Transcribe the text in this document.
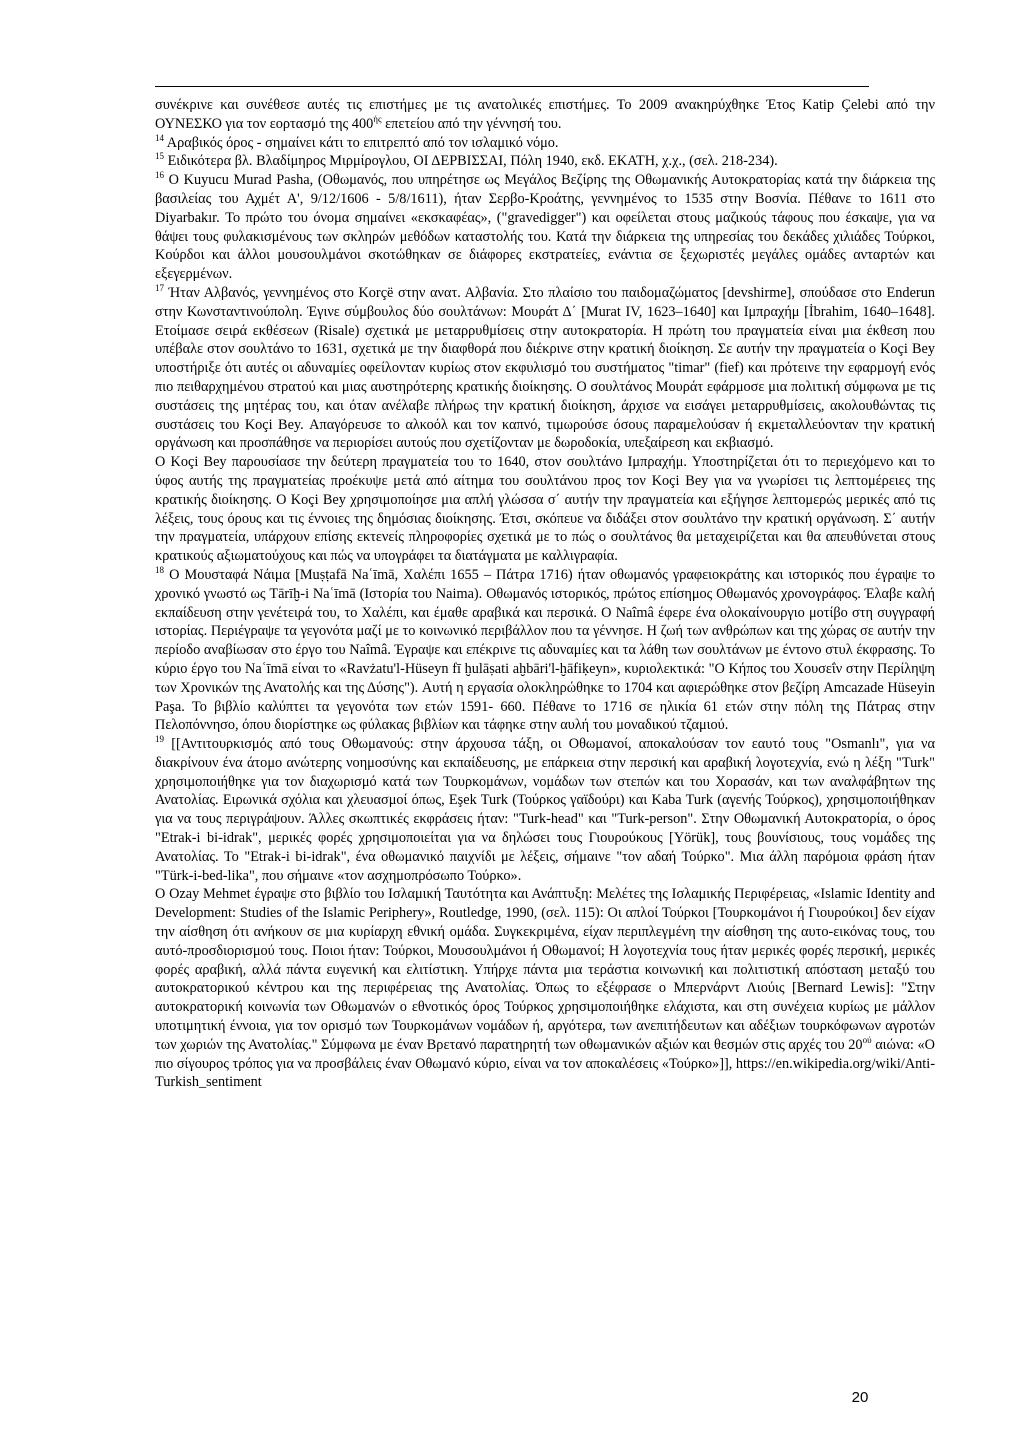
συνέκρινε και συνέθεσε αυτές τις επιστήμες με τις ανατολικές επιστήμες. Το 2009 ανακηρύχθηκε Έτος Katip Çelebi από την ΟΥΝΕΣΚΟ για τον εορτασμό της $400^{ή\varsigma}$ επετείου από την γέννησή του.

$^{14}$ Αραβικός όρος - σημαίνει κάτι το επιτρεπτό από τον ισλαμικό νόμο.

$^{15}$ Ειδικότερα βλ. Βλαδίμηρος Μιρμίρογλου, ΟΙ ΔΕΡΒΙΣΣΑΙ, Πόλη 1940, εκδ. ΕΚΑΤΗ, χ.χ., (σελ. 218-234).

$^{16}$ Ο Kuyucu Murad Pasha, (Οθωμανός, που υπηρέτησε ως Μεγάλος Βεζίρης της Οθωμανικής Αυτοκρατορίας κατά την διάρκεια της βασιλείας του Αχμέτ Α', 9/12/1606 - 5/8/1611), ήταν Σερβο-Κροάτης, γεννημένος το 1535 στην Βοσνία. Πέθανε το 1611 στο Diyarbakır. Το πρώτο του όνομα σημαίνει «εκσκαφέας», ("gravedigger") και οφείλεται στους μαζικούς τάφους που έσκαψε, για να θάψει τους φυλακισμένους των σκληρών μεθόδων καταστολής του. Κατά την διάρκεια της υπηρεσίας του δεκάδες χιλιάδες Τούρκοι, Κούρδοι και άλλοι μουσουλμάνοι σκοτώθηκαν σε διάφορες εκστρατείες, ενάντια σε ξεχωριστές μεγάλες ομάδες ανταρτών και εξεγερμένων.

$^{17}$ Ήταν Αλβανός, γεννημένος στο Korçë στην ανατ. Αλβανία. Στο πλαίσιο του παιδομαζώματος [devshirme], σπούδασε στο Enderun στην Κωνσταντινούπολη. Έγινε σύμβουλος δύο σουλτάνων: Μουράτ Δ΄ [Murat IV, 1623–1640] και Ιμπραχήμ [İbrahim, 1640–1648]. Ετοίμασε σειρά εκθέσεων (Risale) σχετικά με μεταρρυθμίσεις στην αυτοκρατορία. Η πρώτη του πραγματεία είναι μια έκθεση που υπέβαλε στον σουλτάνο το 1631, σχετικά με την διαφθορά που διέκρινε στην κρατική διοίκηση. Σε αυτήν την πραγματεία ο Koçi Bey υποστήριξε ότι αυτές οι αδυναμίες οφείλονταν κυρίως στον εκφυλισμό του συστήματος "timar" (fief) και πρότεινε την εφαρμογή ενός πιο πειθαρχημένου στρατού και μιας αυστηρότερης κρατικής διοίκησης. Ο σουλτάνος Μουράτ εφάρμοσε μια πολιτική σύμφωνα με τις συστάσεις της μητέρας του, και όταν ανέλαβε πλήρως την κρατική διοίκηση, άρχισε να εισάγει μεταρρυθμίσεις, ακολουθώντας τις συστάσεις του Koçi Bey. Απαγόρευσε το αλκοόλ και τον καπνό, τιμωρούσε όσους παραμελούσαν ή εκμεταλλεύονταν την κρατική οργάνωση και προσπάθησε να περιορίσει αυτούς που σχετίζονταν με δωροδοκία, υπεξαίρεση και εκβιασμό.

Ο Koçi Bey παρουσίασε την δεύτερη πραγματεία του το 1640, στον σουλτάνο Ιμπραχήμ. Υποστηρίζεται ότι το περιεχόμενο και το ύφος αυτής της πραγματείας προέκυψε μετά από αίτημα του σουλτάνου προς τον Koçi Bey για να γνωρίσει τις λεπτομέρειες της κρατικής διοίκησης. Ο Koçi Bey χρησιμοποίησε μια απλή γλώσσα σ΄ αυτήν την πραγματεία και εξήγησε λεπτομερώς μερικές από τις λέξεις, τους όρους και τις έννοιες της δημόσιας διοίκησης. Έτσι, σκόπευε να διδάξει στον σουλτάνο την κρατική οργάνωση. Σ΄ αυτήν την πραγματεία, υπάρχουν επίσης εκτενείς πληροφορίες σχετικά με το πώς ο σουλτάνος θα μεταχειρίζεται και θα απευθύνεται στους κρατικούς αξιωματούχους και πώς να υπογράφει τα διατάγματα με καλλιγραφία.

$^{18}$ Ο Μουσταφά Νάιμα [Muṣṭafā Naʿīmā, Χαλέπι 1655 – Πάτρα 1716) ήταν οθωμανός γραφειοκράτης και ιστορικός που έγραψε το χρονικό γνωστό ως Tārīḫ-i Naʿīmā (Ιστορία του Naima). Οθωμανός ιστορικός, πρώτος επίσημος Οθωμανός χρονογράφος. Έλαβε καλή εκπαίδευση στην γενέτειρά του, το Χαλέπι, και έμαθε αραβικά και περσικά. Ο Naîmâ έφερε ένα ολοκαίνουργιο μοτίβο στη συγγραφή ιστορίας. Περιέγραψε τα γεγονότα μαζί με το κοινωνικό περιβάλλον που τα γέννησε. Η ζωή των ανθρώπων και της χώρας σε αυτήν την περίοδο αναβίωσαν στο έργο του Naîmâ. Έγραψε και επέκρινε τις αδυναμίες και τα λάθη των σουλτάνων με έντονο στυλ έκφρασης. Το κύριο έργο του Naʿīmā είναι το «Ravżatu'l-Hüseyn fī ḫulāṣati aḫbāri'l-ḫāfiḳeyn», κυριολεκτικά: "Ο Κήπος του Χουσεΐν στην Περίληψη των Χρονικών της Ανατολής και της Δύσης"). Αυτή η εργασία ολοκληρώθηκε το 1704 και αφιερώθηκε στον βεζίρη Amcazade Hüseyin Paşa. Το βιβλίο καλύπτει τα γεγονότα των ετών 1591- 660. Πέθανε το 1716 σε ηλικία 61 ετών στην πόλη της Πάτρας στην Πελοπόννησο, όπου διορίστηκε ως φύλακας βιβλίων και τάφηκε στην αυλή του μοναδικού τζαμιού.

$^{19}$ [[Αντιτουρκισμός από τους Οθωμανούς: στην άρχουσα τάξη, οι Οθωμανοί, αποκαλούσαν τον εαυτό τους "Osmanlı", για να διακρίνουν ένα άτομο ανώτερης νοημοσύνης και εκπαίδευσης, με επάρκεια στην περσική και αραβική λογοτεχνία, ενώ η λέξη "Turk" χρησιμοποιήθηκε για τον διαχωρισμό κατά των Τουρκομάνων, νομάδων των στεπών και του Χορασάν, και των αναλφάβητων της Ανατολίας. Ειρωνικά σχόλια και χλευασμοί όπως, Eşek Turk (Τούρκος γαϊδούρι) και Kaba Turk (αγενής Τούρκος), χρησιμοποιήθηκαν για να τους περιγράψουν. Άλλες σκωπτικές εκφράσεις ήταν: "Turk-head" και "Turk-person". Στην Οθωμανική Αυτοκρατορία, ο όρος "Etrak-i bi-idrak", μερικές φορές χρησιμοποιείται για να δηλώσει τους Γιουρούκους [Yörük], τους βουνίσιους, τους νομάδες της Ανατολίας. Το "Etrak-i bi-idrak", ένα οθωμανικό παιχνίδι με λέξεις, σήμαινε "τον αδαή Τούρκο". Μια άλλη παρόμοια φράση ήταν "Türk-i-bed-lika", που σήμαινε «τον ασχημοπρόσωπο Τούρκο».

Ο Ozay Mehmet έγραψε στο βιβλίο του Ισλαμική Ταυτότητα και Ανάπτυξη: Μελέτες της Ισλαμικής Περιφέρειας, «Islamic Identity and Development: Studies of the Islamic Periphery», Routledge, 1990, (σελ. 115): Οι απλοί Τούρκοι [Τουρκομάνοι ή Γιουρούκοι] δεν είχαν την αίσθηση ότι ανήκουν σε μια κυρίαρχη εθνική ομάδα. Συγκεκριμένα, είχαν περιπλεγμένη την αίσθηση της αυτο-εικόνας τους, του αυτό-προσδιορισμού τους. Ποιοι ήταν: Τούρκοι, Μουσουλμάνοι ή Οθωμανοί; Η λογοτεχνία τους ήταν μερικές φορές περσική, μερικές φορές αραβική, αλλά πάντα ευγενική και ελιτίστικη. Υπήρχε πάντα μια τεράστια κοινωνική και πολιτιστική απόσταση μεταξύ του αυτοκρατορικού κέντρου και της περιφέρειας της Ανατολίας. Όπως το εξέφρασε ο Μπερνάρντ Λιούις [Bernard Lewis]: "Στην αυτοκρατορική κοινωνία των Οθωμανών ο εθνοτικός όρος Τούρκος χρησιμοποιήθηκε ελάχιστα, και στη συνέχεια κυρίως με μάλλον υποτιμητική έννοια, για τον ορισμό των Τουρκομάνων νομάδων ή, αργότερα, των ανεπιτήδευτων και αδέξιων τουρκόφωνων αγροτών των χωριών της Ανατολίας." Σύμφωνα με έναν Βρετανό παρατηρητή των οθωμανικών αξιών και θεσμών στις αρχές του $20^{oύ}$ αιώνα: «Ο πιο σίγουρος τρόπος για να προσβάλεις έναν Οθωμανό κύριο, είναι να τον αποκαλέσεις «Τούρκο»]], https://en.wikipedia.org/wiki/Anti-Turkish_sentiment

20
